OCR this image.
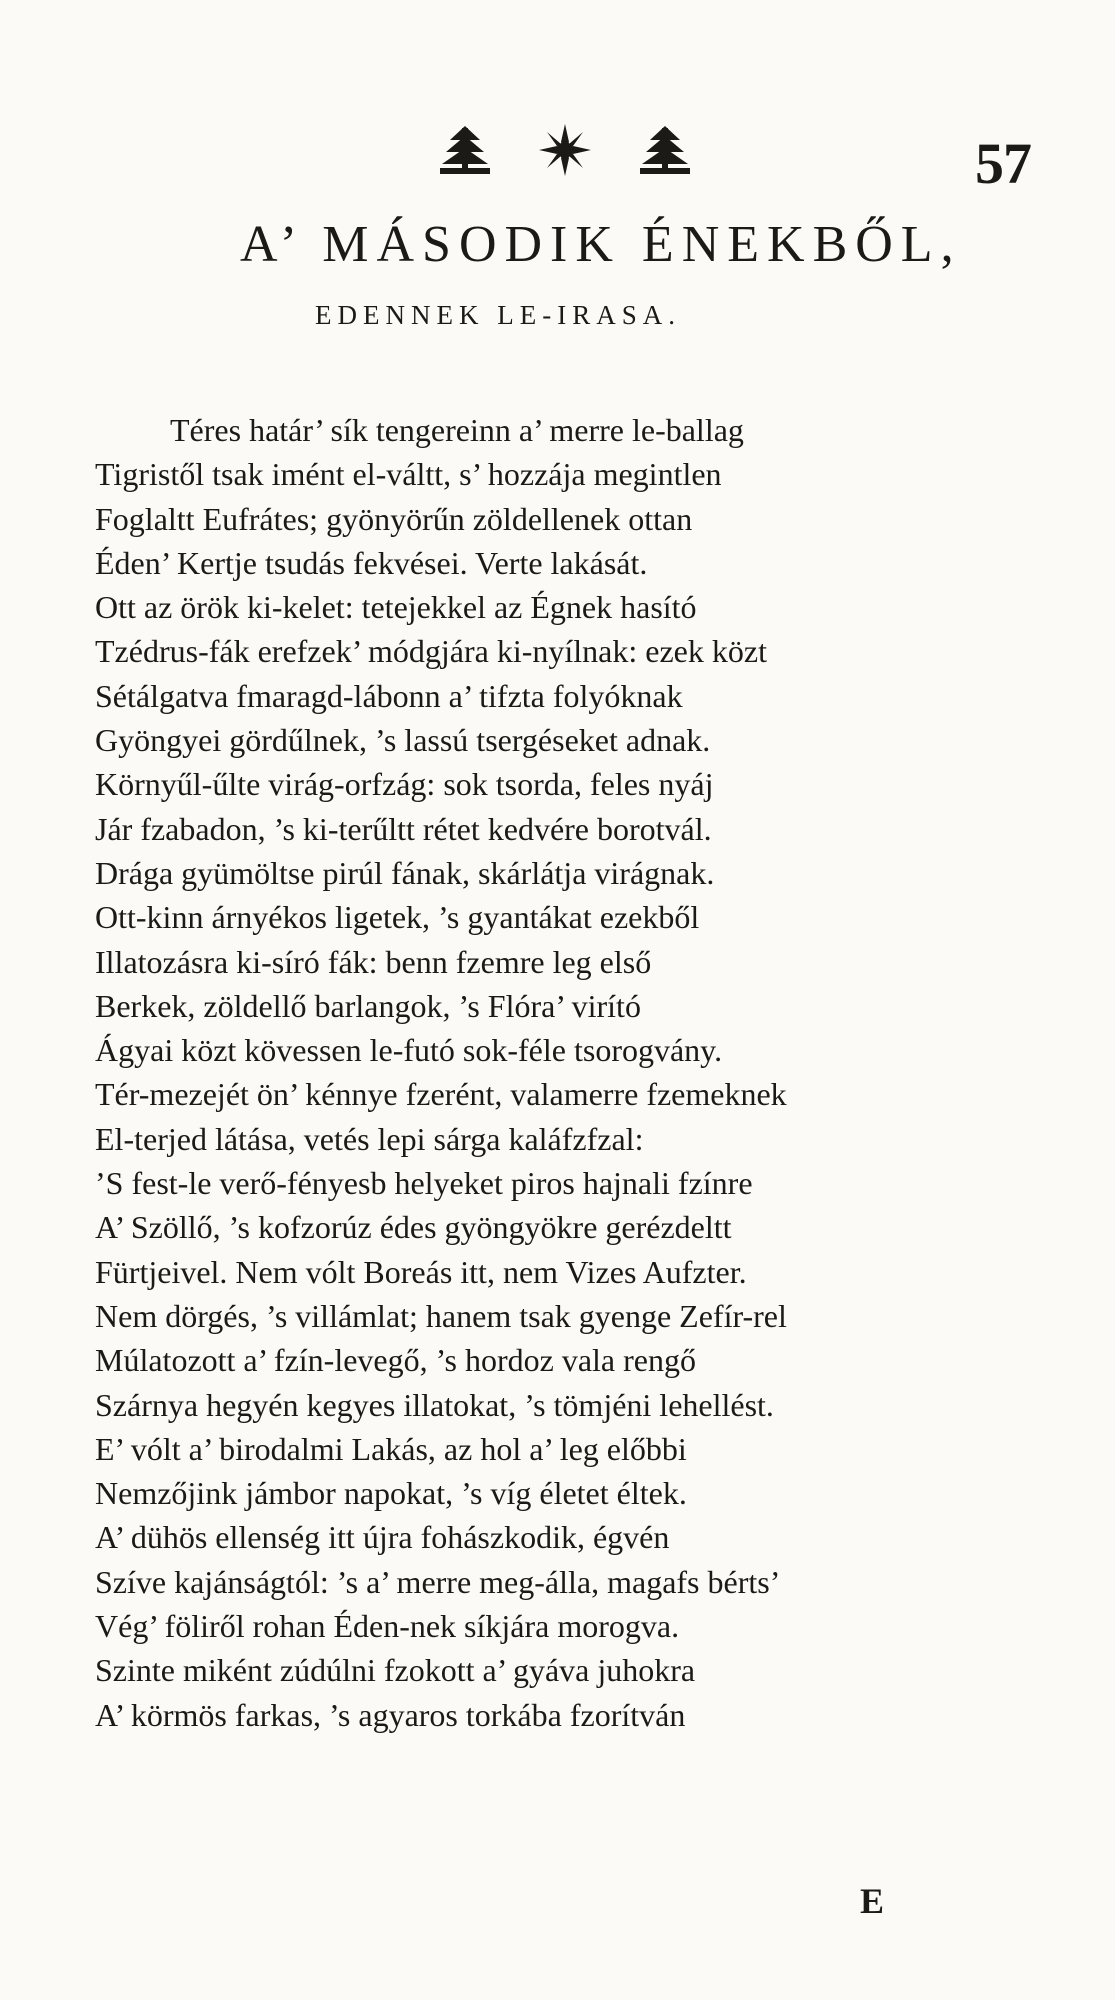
57
A’ MÁSODIK ÉNEKBŐL,
EDENNEK LE-IRASA.
Téres határ’ sík tengereinn a’ merre le-ballag
Tigristől tsak imént el-váltt, s’ hozzája megintlen
Foglaltt Eufrátes; gyönyörűn zöldellenek ottan
Éden’ Kertje tsudás fekvései. Verte lakását.
Ott az örök ki-kelet: tetejekkel az Égnek hasító
Tzédrus-fák erefzek’ módgjára ki-nyílnak: ezek közt
Sétálgatva fmaragd-lábonn a’ tifzta folyóknak
Gyöngyei gördűlnek, ’s lassú tsergéseket adnak.
Környűl-űlte virág-orfzág: sok tsorda, feles nyáj
Jár fzabadon, ’s ki-terűltt rétet kedvére borotvál.
Drága gyümöltse pirúl fának, skárlátja virágnak.
Ott-kinn árnyékos ligetek, ’s gyantákat ezekből
Illatozásra ki-síró fák: benn fzemre leg első
Berkek, zöldellő barlangok, ’s Flóra’ virító
Ágyai közt kövessen le-futó sok-féle tsorogvány.
Tér-mezejét ön’ kénnye fzerént, valamerre fzemeknek
El-terjed látása, vetés lepi sárga kaláfzfzal:
’S fest-le verő-fényesb helyeket piros hajnali fzínre
A’ Szöllő, ’s kofzorúz édes gyöngyökre gerézdeltt
Fürtjeivel. Nem vólt Boreás itt, nem Vizes Aufzter.
Nem dörgés, ’s villámlat; hanem tsak gyenge Zefír-rel
Múlatozott a’ fzín-levegő, ’s hordoz vala rengő
Szárnya hegyén kegyes illatokat, ’s tömjéni lehellést.
E’ vólt a’ birodalmi Lakás, az hol a’ leg előbbi
Nemzőjink jámbor napokat, ’s víg életet éltek.
A’ dühös ellenség itt újra fohászkodik, égvén
Szíve kajánságtól: ’s a’ merre meg-álla, magafs bérts’
Vég’ föliről rohan Éden-nek síkjára morogva.
Szinte miként zúdúlni fzokott a’ gyáva juhokra
A’ körmös farkas, ’s agyaros torkába fzorítván
E
